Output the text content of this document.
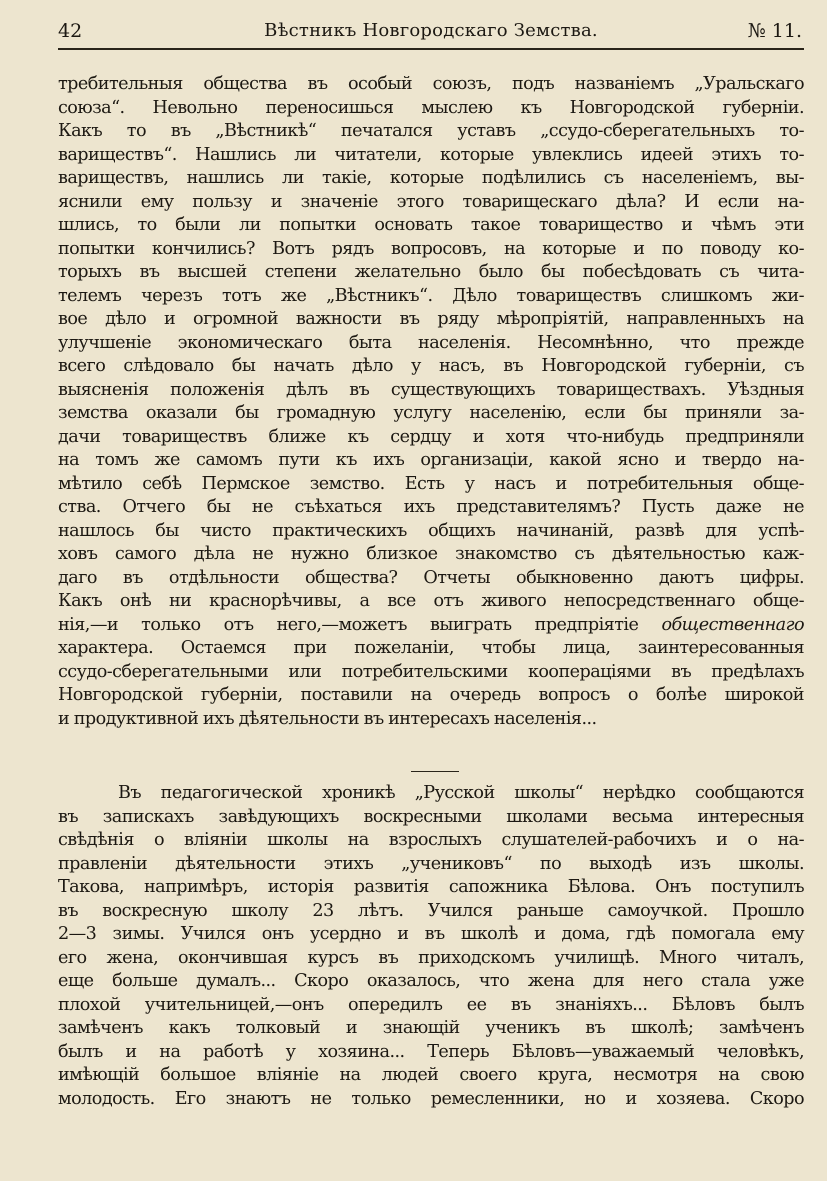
42	Вѣстникъ Новгородскаго Земства.	№ 11.
требительныя общества въ особый союзъ, подъ названіемъ „Уральскаго
союза“. Невольно переносишься мыслею къ Новгородской губерніи.
Какъ то въ „Вѣстникѣ“ печатался уставъ „ссудо-сберегательныхъ то-
вариществъ“. Нашлись ли читатели, которые увлеклись идеей этихъ то-
вариществъ, нашлись ли такіе, которые подѣлились съ населеніемъ, вы-
яснили ему пользу и значеніе этого товарищескаго дѣла? И если на-
шлись, то были ли попытки основать такое товарищество и чѣмъ эти
попытки кончились? Вотъ рядъ вопросовъ, на которые и по поводу ко-
торыхъ въ высшей степени желательно было бы побесѣдовать съ чита-
телемъ черезъ тотъ же „Вѣстникъ“. Дѣло товариществъ слишкомъ жи-
вое дѣло и огромной важности въ ряду мѣропріятій, направленныхъ на
улучшеніе экономическаго быта населенія. Несомнѣнно, что прежде
всего слѣдовало бы начать дѣло у насъ, въ Новгородской губерніи, съ
выясненія положенія дѣлъ въ существующихъ товариществахъ. Уѣздныя
земства оказали бы громадную услугу населенію, если бы приняли за-
дачи товариществъ ближе къ сердцу и хотя что-нибудь предприняли
на томъ же самомъ пути къ ихъ организаціи, какой ясно и твердо на-
мѣтило себѣ Пермское земство. Есть у насъ и потребительныя обще-
ства. Отчего бы не съѣхаться ихъ представителямъ? Пусть даже не
нашлось бы чисто практическихъ общихъ начинаній, развѣ для успѣ-
ховъ самого дѣла не нужно близкое знакомство съ дѣятельностью каж-
даго въ отдѣльности общества? Отчеты обыкновенно даютъ цифры.
Какъ онѣ ни краснорѣчивы, а все отъ живого непосредственнаго обще-
нія,—и только отъ него,—можетъ выиграть предпріятіе общественнаго
характера. Остаемся при пожеланіи, чтобы лица, заинтересованныя
ссудо-сберегательными или потребительскими кооперацiями въ предѣлахъ
Новгородской губерніи, поставили на очередь вопросъ о болѣе широкой
и продуктивной ихъ дѣятельности въ интересахъ населенія...
Въ педагогической хроникѣ „Русской школы“ нерѣдко сообщаются
въ запискахъ завѣдующихъ воскресными школами весьма интересныя
свѣдѣнія о вліяніи школы на взрослыхъ слушателей-рабочихъ и о на-
правленіи дѣятельности этихъ „учениковъ“ по выходѣ изъ школы.
Такова, напримѣръ, исторія развитія сапожника Бѣлова. Онъ поступилъ
въ воскресную школу 23 лѣтъ. Учился раньше самоучкой. Прошло
2—3 зимы. Учился онъ усердно и въ школѣ и дома, гдѣ помогала ему
его жена, окончившая курсъ въ приходскомъ училищѣ. Много читалъ,
еще больше думалъ... Скоро оказалось, что жена для него стала уже
плохой учительницей,—онъ опередилъ ее въ знаніяхъ... Бѣловъ былъ
замѣченъ какъ толковый и знающій ученикъ въ школѣ; замѣченъ
былъ и на работѣ у хозяина... Теперь Бѣловъ—уважаемый человѣкъ,
имѣющій большое вліяніе на людей своего круга, несмотря на свою
молодость. Его знаютъ не только ремесленники, но и хозяева. Скоро
